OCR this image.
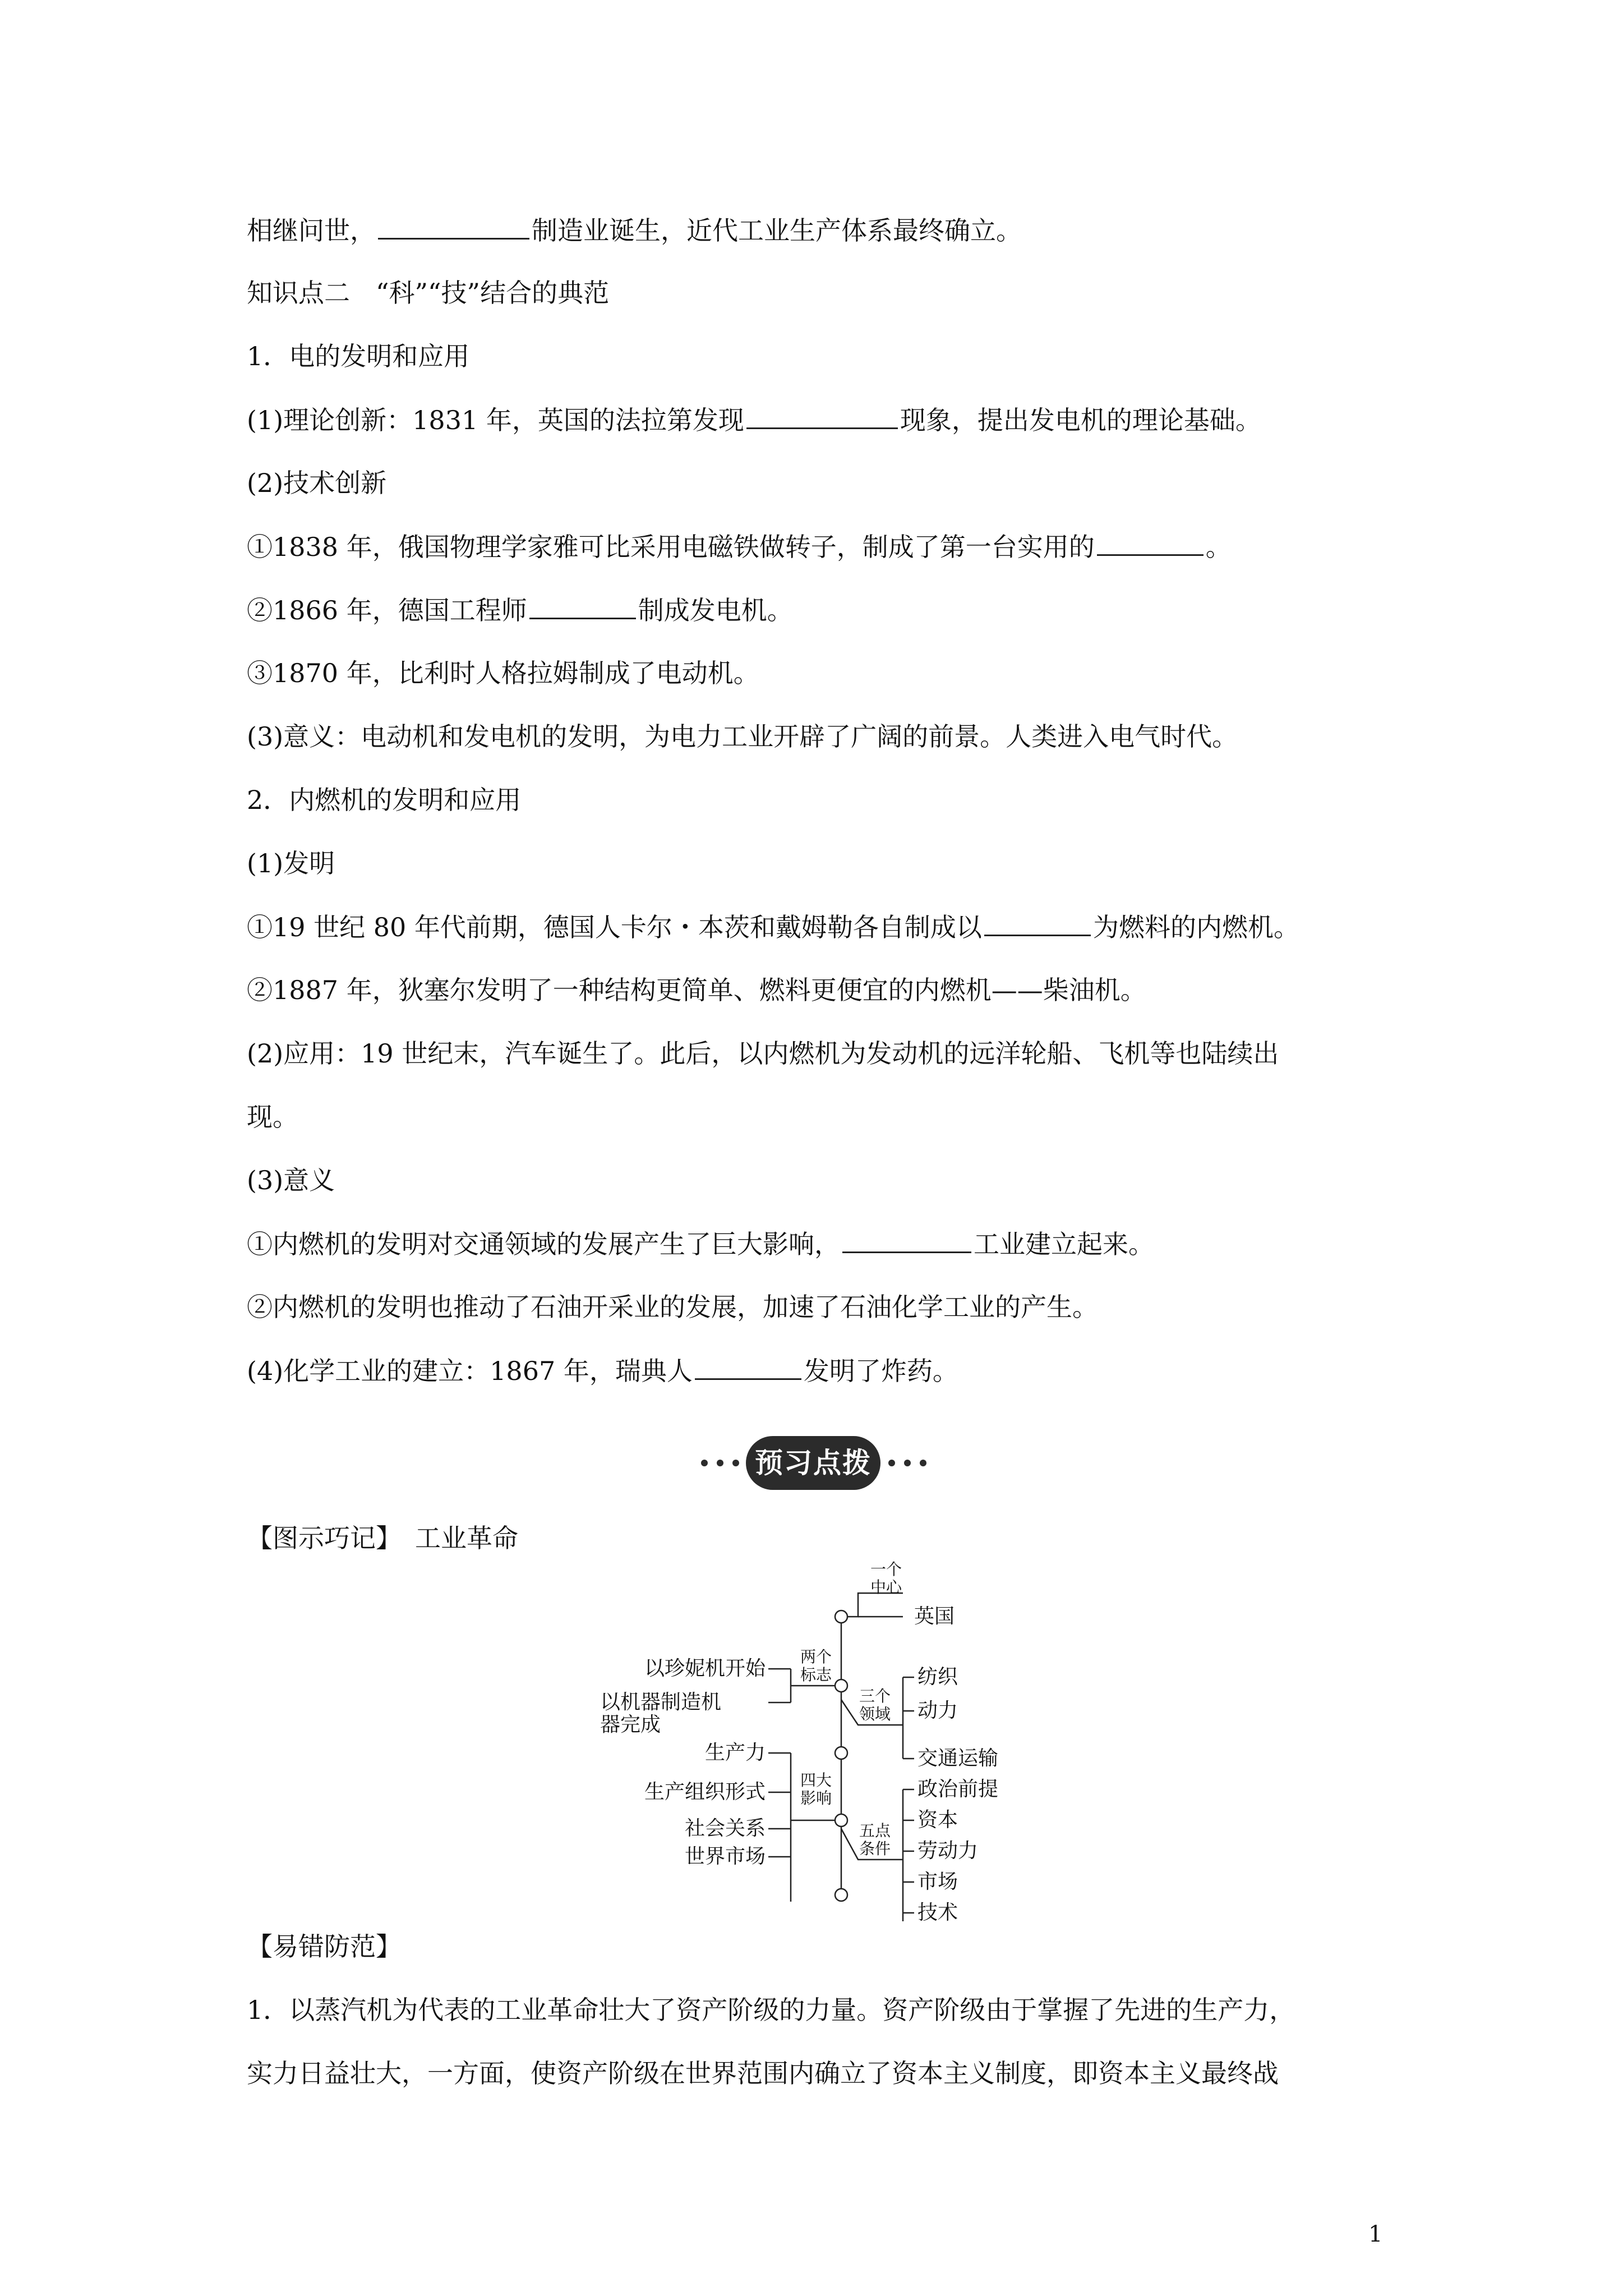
相继问世，	制造业诞生，近代工业生产体系最终确立。
知识点二　“科”“技”结合的典范
1．电的发明和应用
(1)理论创新：1831 年，英国的法拉第发现	现象，提出发电机的理论基础。
(2)技术创新
①1838 年，俄国物理学家雅可比采用电磁铁做转子，制成了第一台实用的	。
②1866 年，德国工程师	制成发电机。
③1870 年，比利时人格拉姆制成了电动机。
(3)意义：电动机和发电机的发明，为电力工业开辟了广阔的前景。人类进入电气时代。
2．内燃机的发明和应用
(1)发明
①19 世纪 80 年代前期，德国人卡尔・本茨和戴姆勒各自制成以	为燃料的内燃机。
②1887 年，狄塞尔发明了一种结构更简单、燃料更便宜的内燃机——柴油机。
(2)应用：19 世纪末，汽车诞生了。此后，以内燃机为发动机的远洋轮船、飞机等也陆续出
现。
(3)意义
①内燃机的发明对交通领域的发展产生了巨大影响，	工业建立起来。
②内燃机的发明也推动了石油开采业的发展，加速了石油化学工业的产生。
(4)化学工业的建立：1867 年，瑞典人	发明了炸药。
预习点拨
【图示巧记】 工业革命
一个
中心
英国
两个
标志
以珍妮机开始
以机器制造机
器完成
三个
领域
纺织
动力
交通运输
四大
影响
生产力
生产组织形式
社会关系
世界市场
五点
条件
政治前提
资本
劳动力
市场
技术
【易错防范】
1．以蒸汽机为代表的工业革命壮大了资产阶级的力量。资产阶级由于掌握了先进的生产力，
实力日益壮大，一方面，使资产阶级在世界范围内确立了资本主义制度，即资本主义最终战
1
